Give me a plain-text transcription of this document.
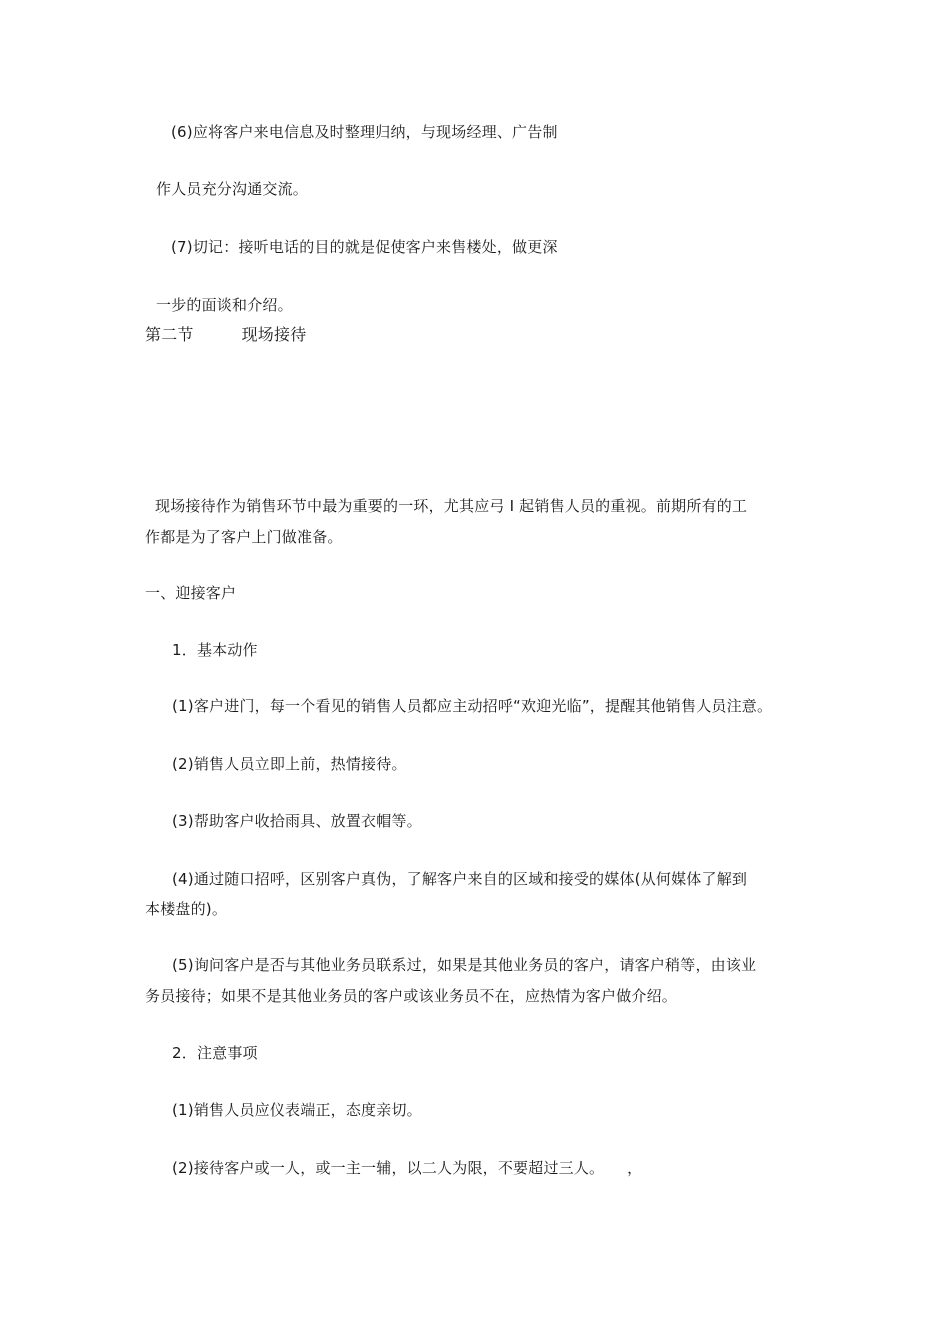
(6)应将客户来电信息及时整理归纳，与现场经理、广告制
作人员充分沟通交流。
(7)切记：接听电话的目的就是促使客户来售楼处，做更深
一步的面谈和介绍。
第二节	现场接待
现场接待作为销售环节中最为重要的一环，尤其应弓 I 起销售人员的重视。前期所有的工
作都是为了客户上门做准备。
一、迎接客户
1．基本动作
(1)客户进门，每一个看见的销售人员都应主动招呼“欢迎光临”，提醒其他销售人员注意。
(2)销售人员立即上前，热情接待。
(3)帮助客户收拾雨具、放置衣帽等。
(4)通过随口招呼，区别客户真伪，了解客户来自的区域和接受的媒体(从何媒体了解到
本楼盘的)。
(5)询问客户是否与其他业务员联系过，如果是其他业务员的客户，请客户稍等，由该业
务员接待；如果不是其他业务员的客户或该业务员不在，应热情为客户做介绍。
2．注意事项
(1)销售人员应仪表端正，态度亲切。
(2)接待客户或一人，或一主一辅，以二人为限，不要超过三人。　　，
